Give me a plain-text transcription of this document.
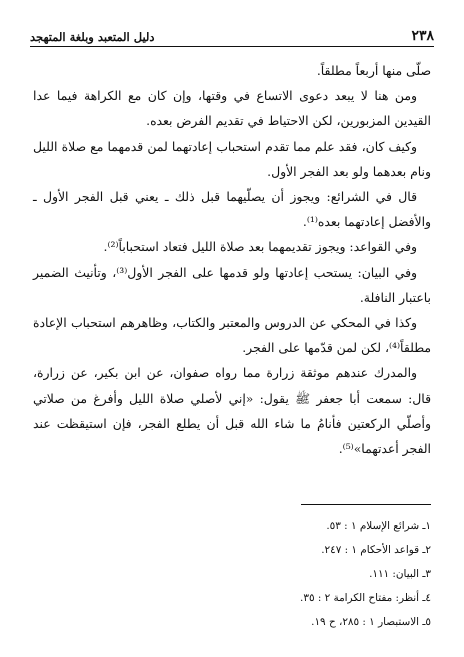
٢٣٨
دليل المتعبد وبلغة المتهجد

صلّى منها أربعاً مطلقاً.

ومن هنا لا يبعد دعوى الاتساع في وقتها، وإن كان مع الكراهة فيما عدا القيدين المزبورين، لكن الاحتياط في تقديم الفرض بعده.

وكيف كان، فقد علم مما تقدم استحباب إعادتهما لمن قدمهما مع صلاة الليل ونام بعدهما ولو بعد الفجر الأول.

قال في الشرائع: ويجوز أن يصلّيهما قبل ذلك ـ يعني قبل الفجر الأول ـ والأفضل إعادتهما بعده⁽¹⁾.

وفي القواعد: ويجوز تقديمهما بعد صلاة الليل فتعاد استحباباً⁽²⁾.

وفي البيان: يستحب إعادتها ولو قدمها على الفجر الأول⁽³⁾، وتأنيث الضمير باعتبار النافلة.

وكذا في المحكي عن الدروس والمعتبر والكتاب، وظاهرهم استحباب الإعادة مطلقاً⁽⁴⁾، لكن لمن قدّمها على الفجر.

والمدرك عندهم موثقة زرارة مما رواه صفوان، عن ابن بكير، عن زرارة، قال: سمعت أبا جعفر ﷺ يقول: «إني لأصلي صلاة الليل وأفرغ من صلاتي وأصلّي الركعتين فأنامُ ما شاء الله قبل أن يطلع الفجر، فإن استيقظت عند الفجر أعدتهما»⁽⁵⁾.

١ـ شرائع الإسلام ١ : ٥٣.
٢ـ قواعد الأحكام ١ : ٢٤٧.
٣ـ البيان: ١١١.
٤ـ أنظر: مفتاح الكرامة ٢ : ٣٥.
٥ـ الاستبصار ١ : ٢٨٥، ح ١٩.
